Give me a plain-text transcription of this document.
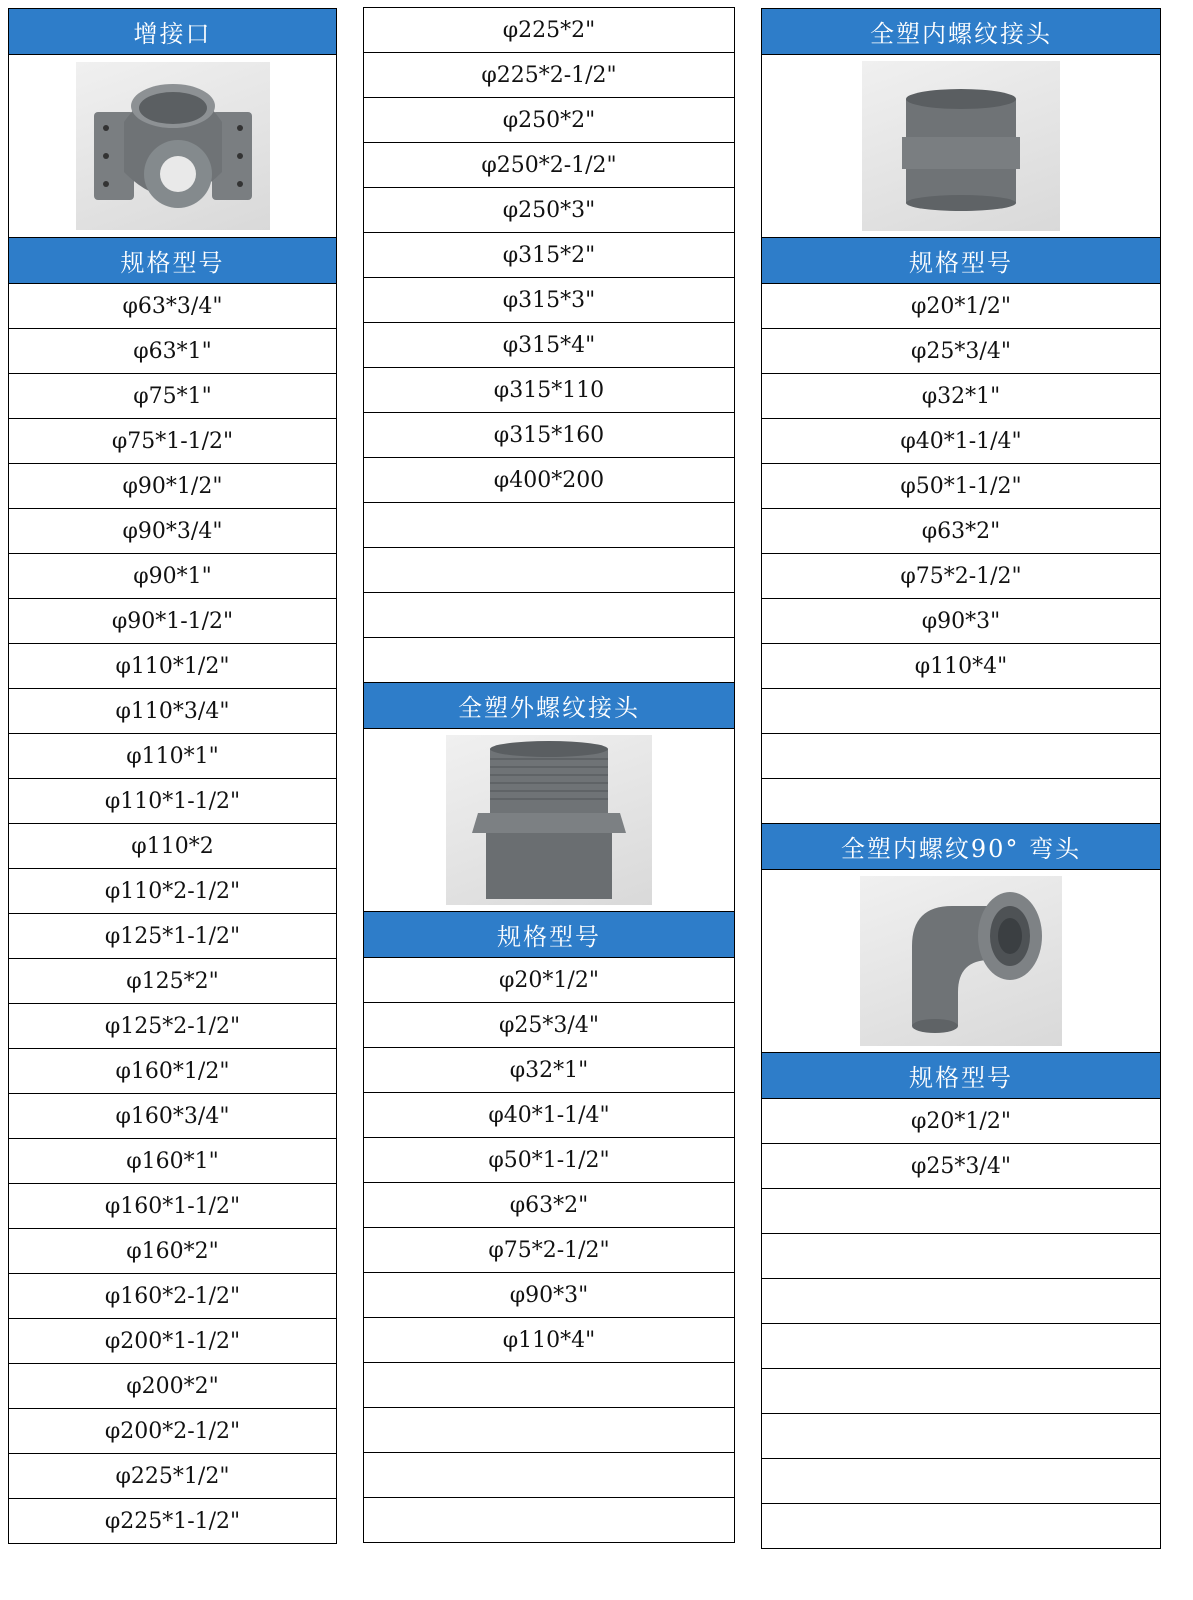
增接口
规格型号
φ63*3/4"
φ63*1"
φ75*1"
φ75*1-1/2"
φ90*1/2"
φ90*3/4"
φ90*1"
φ90*1-1/2"
φ110*1/2"
φ110*3/4"
φ110*1"
φ110*1-1/2"
φ110*2
φ110*2-1/2"
φ125*1-1/2"
φ125*2"
φ125*2-1/2"
φ160*1/2"
φ160*3/4"
φ160*1"
φ160*1-1/2"
φ160*2"
φ160*2-1/2"
φ200*1-1/2"
φ200*2"
φ200*2-1/2"
φ225*1/2"
φ225*1-1/2"
φ225*2"
φ225*2-1/2"
φ250*2"
φ250*2-1/2"
φ250*3"
φ315*2"
φ315*3"
φ315*4"
φ315*110
φ315*160
φ400*200
全塑外螺纹接头
规格型号
φ20*1/2"
φ25*3/4"
φ32*1"
φ40*1-1/4"
φ50*1-1/2"
φ63*2"
φ75*2-1/2"
φ90*3"
φ110*4"
全塑内螺纹接头
规格型号
φ20*1/2"
φ25*3/4"
φ32*1"
φ40*1-1/4"
φ50*1-1/2"
φ63*2"
φ75*2-1/2"
φ90*3"
φ110*4"
全塑内螺纹90° 弯头
规格型号
φ20*1/2"
φ25*3/4"
